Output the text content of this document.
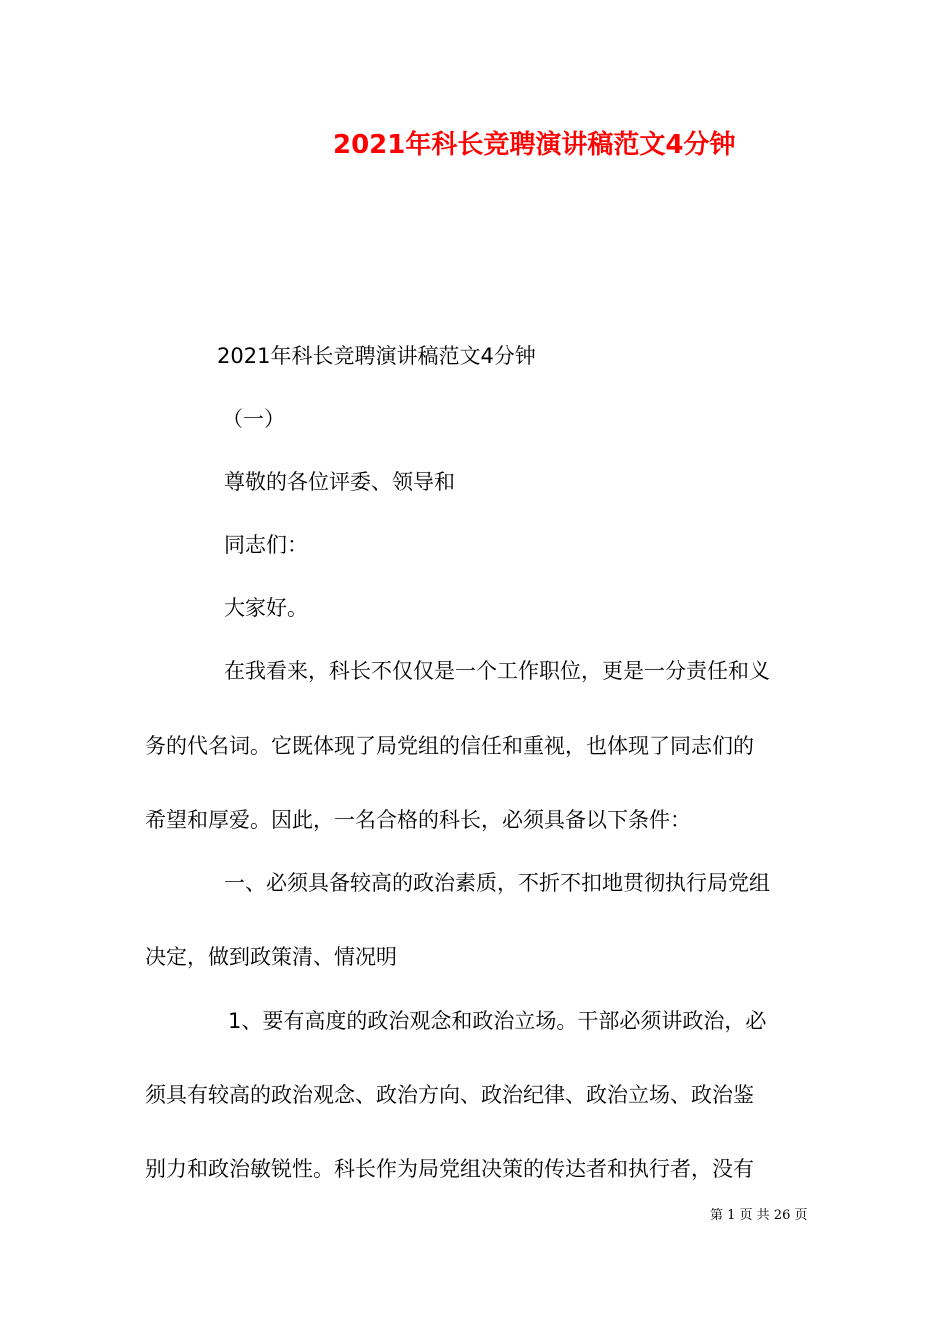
2021年科长竞聘演讲稿范文4分钟
2021年科长竞聘演讲稿范文4分钟
（一）
尊敬的各位评委、领导和
同志们：
大家好。
在我看来，科长不仅仅是一个工作职位，更是一分责任和义
务的代名词。它既体现了局党组的信任和重视，也体现了同志们的
希望和厚爱。因此，一名合格的科长，必须具备以下条件：
一、必须具备较高的政治素质，不折不扣地贯彻执行局党组
决定，做到政策清、情况明
1、要有高度的政治观念和政治立场。干部必须讲政治，必
须具有较高的政治观念、政治方向、政治纪律、政治立场、政治鉴
别力和政治敏锐性。科长作为局党组决策的传达者和执行者，没有
第 1 页 共 26 页
